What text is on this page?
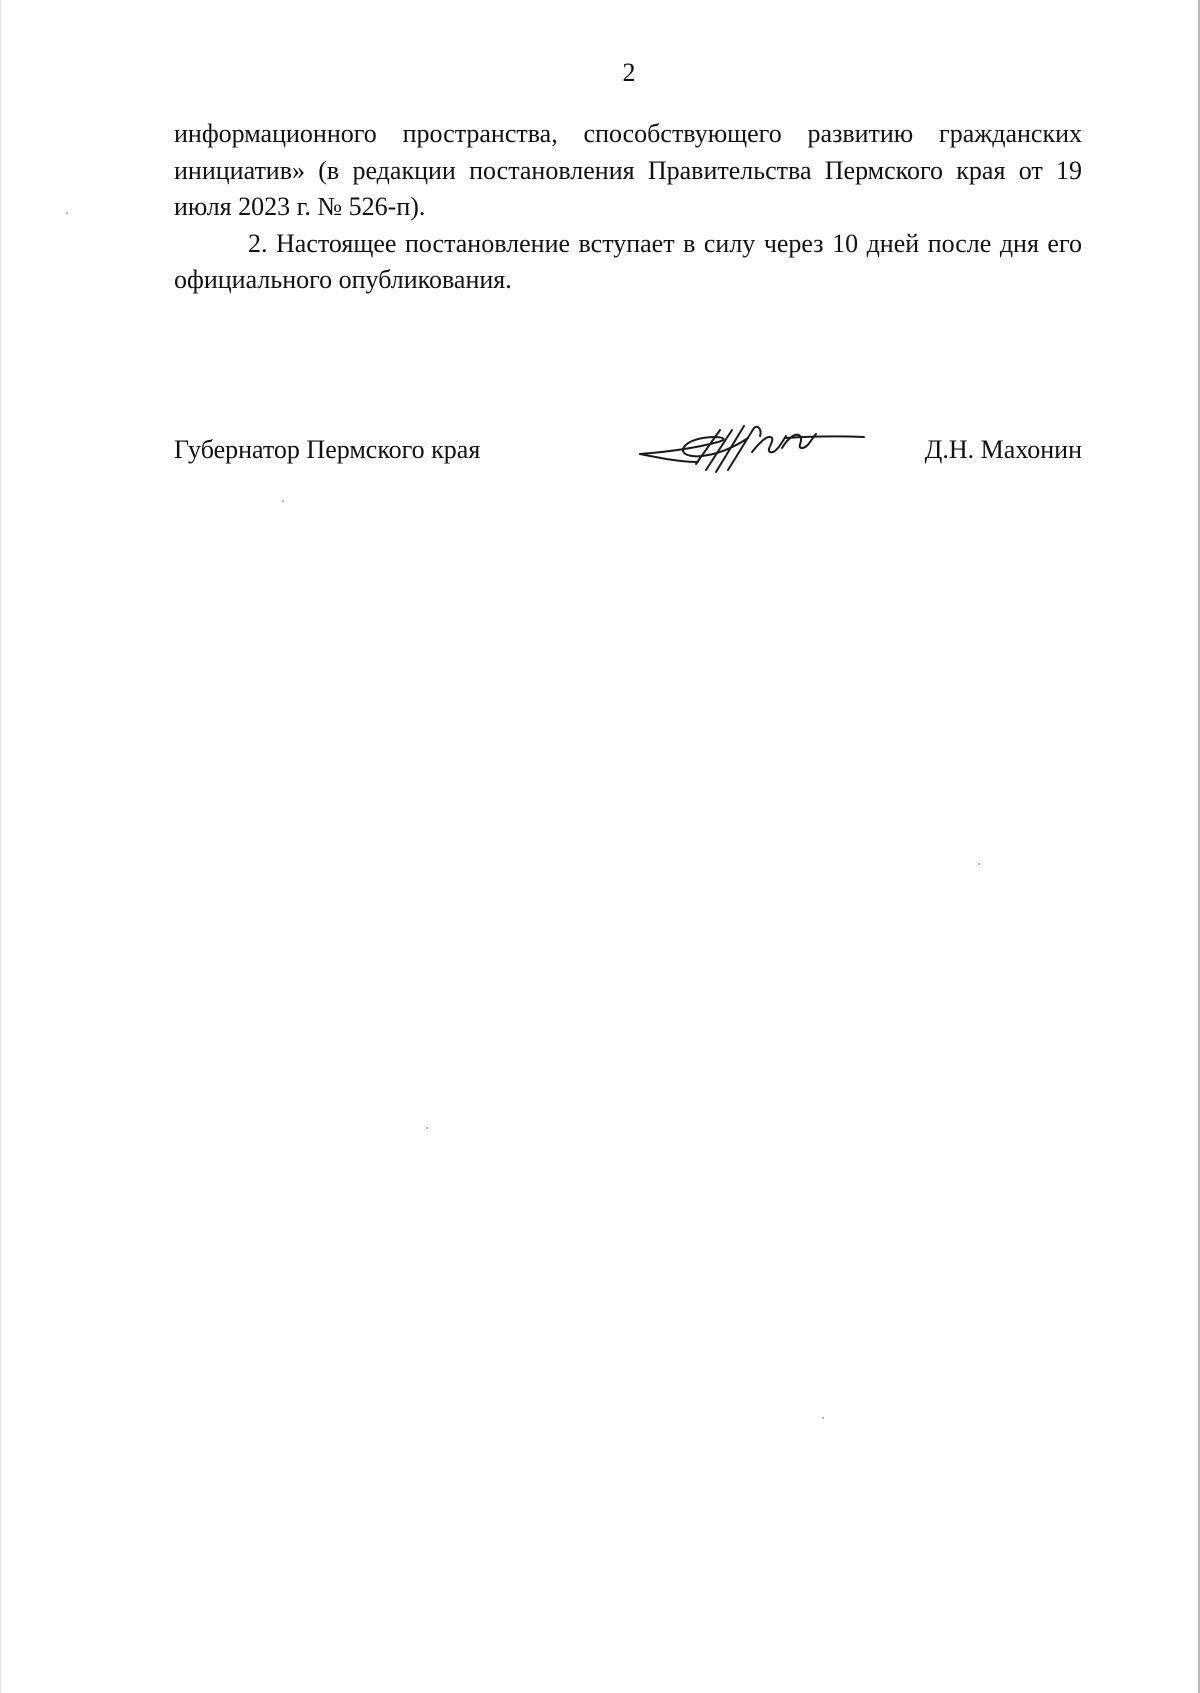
2

информационного пространства, способствующего развитию гражданских инициатив» (в редакции постановления Правительства Пермского края от 19 июля 2023 г. № 526-п).

2. Настоящее постановление вступает в силу через 10 дней после дня его официального опубликования.

Губернатор Пермского края	Д.Н. Махонин
